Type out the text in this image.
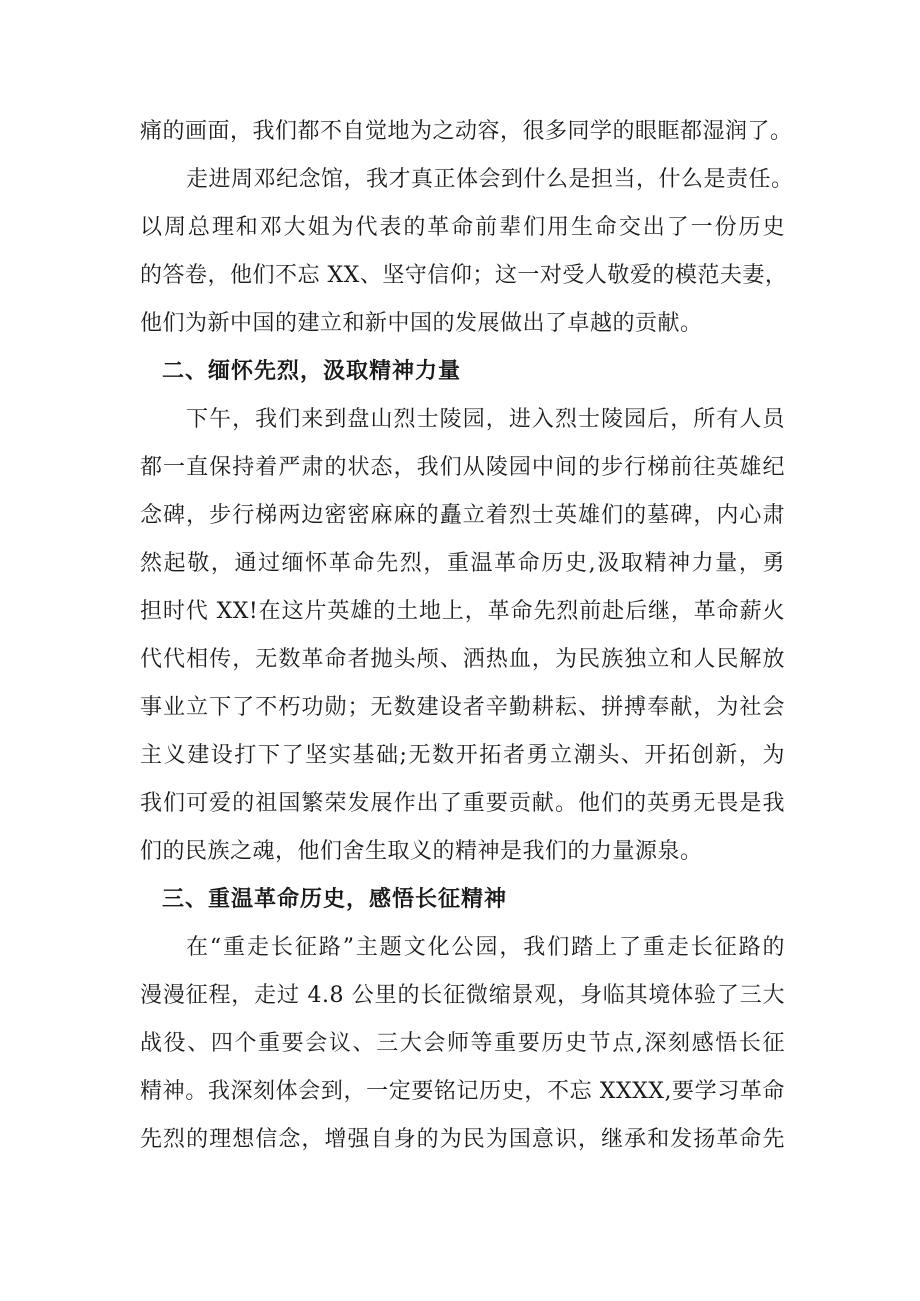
痛的画面，我们都不自觉地为之动容，很多同学的眼眶都湿润了。
走进周邓纪念馆，我才真正体会到什么是担当，什么是责任。
以周总理和邓大姐为代表的革命前辈们用生命交出了一份历史
的答卷，他们不忘 XX、坚守信仰；这一对受人敬爱的模范夫妻，
他们为新中国的建立和新中国的发展做出了卓越的贡献。
二、缅怀先烈，汲取精神力量
下午，我们来到盘山烈士陵园，进入烈士陵园后，所有人员
都一直保持着严肃的状态，我们从陵园中间的步行梯前往英雄纪
念碑，步行梯两边密密麻麻的矗立着烈士英雄们的墓碑，内心肃
然起敬，通过缅怀革命先烈，重温革命历史,汲取精神力量，勇
担时代 XX!在这片英雄的土地上，革命先烈前赴后继，革命薪火
代代相传，无数革命者抛头颅、洒热血，为民族独立和人民解放
事业立下了不朽功勋；无数建设者辛勤耕耘、拼搏奉献，为社会
主义建设打下了坚实基础;无数开拓者勇立潮头、开拓创新，为
我们可爱的祖国繁荣发展作出了重要贡献。他们的英勇无畏是我
们的民族之魂，他们舍生取义的精神是我们的力量源泉。
三、重温革命历史，感悟长征精神
在“重走长征路”主题文化公园，我们踏上了重走长征路的
漫漫征程，走过 4.8 公里的长征微缩景观，身临其境体验了三大
战役、四个重要会议、三大会师等重要历史节点,深刻感悟长征
精神。我深刻体会到，一定要铭记历史，不忘 XXXX,要学习革命
先烈的理想信念，增强自身的为民为国意识，继承和发扬革命先
